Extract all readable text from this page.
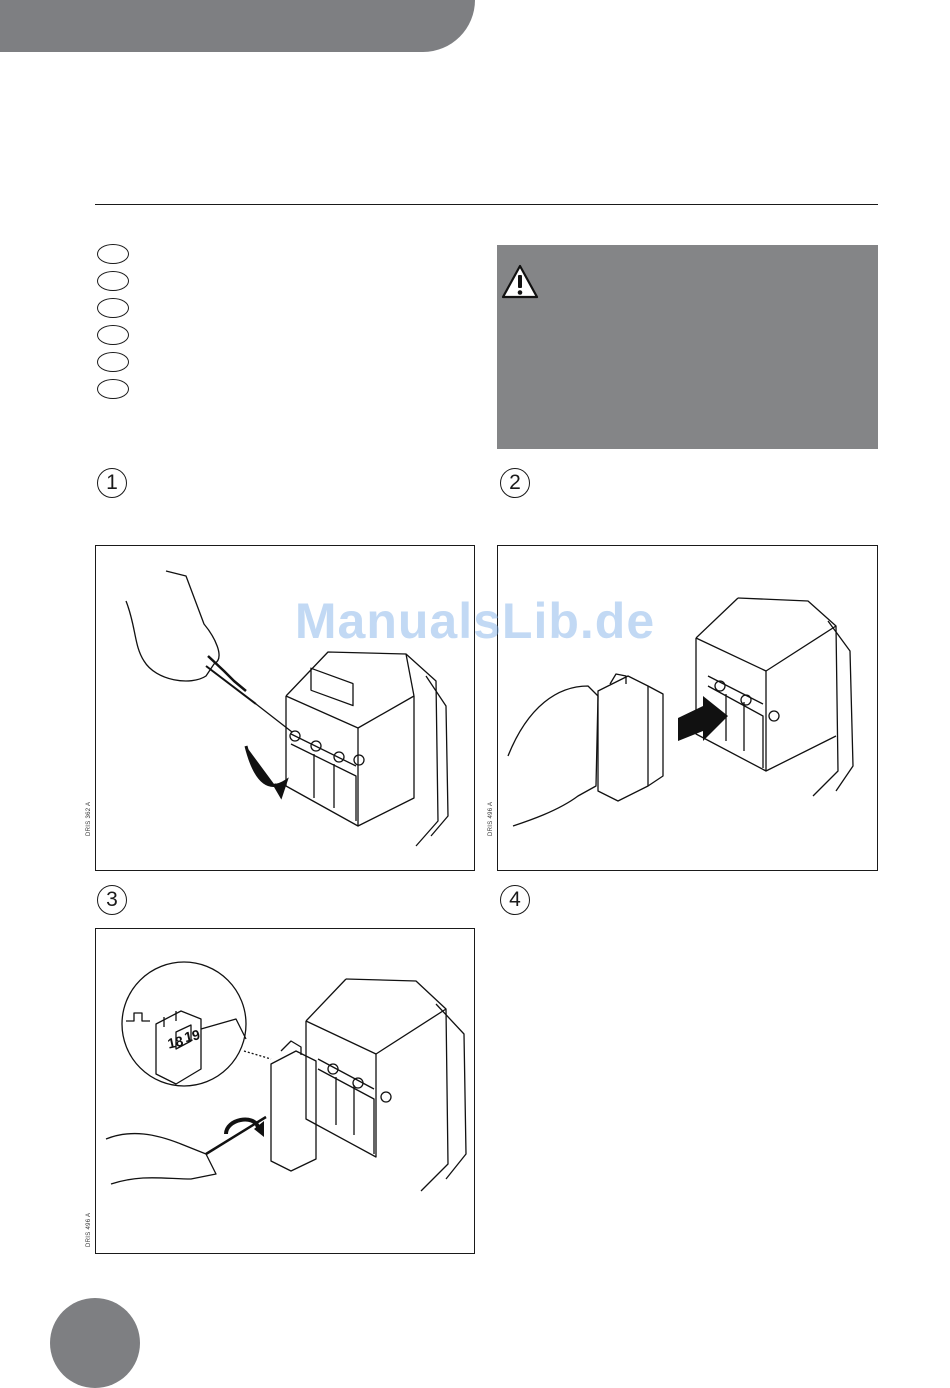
1	2
3	4
DRIS 362 A	DRIS 496 A
18
19
DRIS 496 A
ManualsLib.de
